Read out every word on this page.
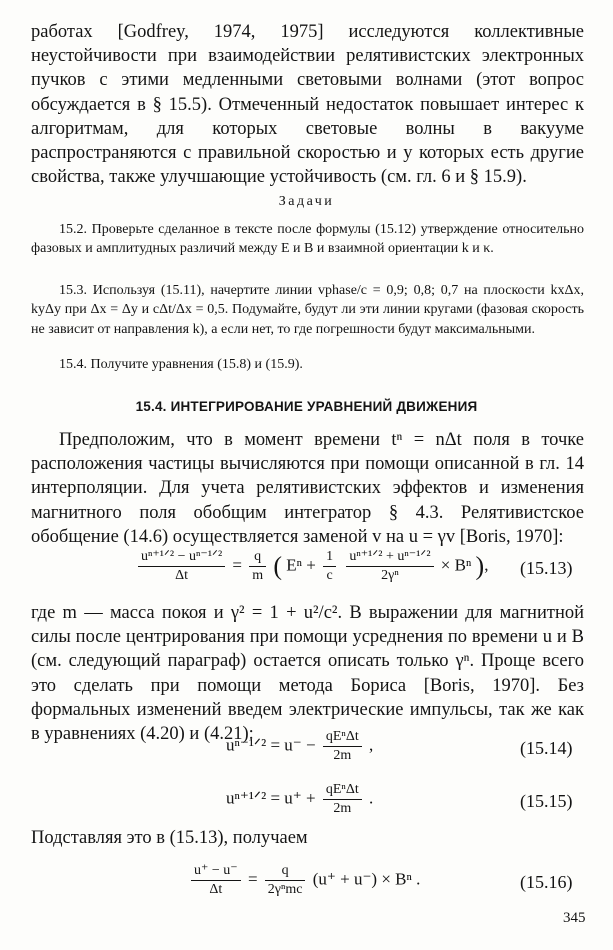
работах [Godfrey, 1974, 1975] исследуются коллективные неустойчивости при взаимодействии релятивистских электронных пучков с этими медленными световыми волнами (этот вопрос обсуждается в § 15.5). Отмеченный недостаток повышает интерес к алгоритмам, для которых световые волны в вакууме распространяются с правильной скоростью и у которых есть другие свойства, также улучшающие устойчивость (см. гл. 6 и § 15.9).

Задачи

15.2. Проверьте сделанное в тексте после формулы (15.12) утверждение относительно фазовых и амплитудных различий между E и B и взаимной ориентации k и κ.

15.3. Используя (15.11), начертите линии vphase/c = 0,9; 0,8; 0,7 на плоскости kxΔx, kyΔy при Δx = Δy и cΔt/Δx = 0,5. Подумайте, будут ли эти линии кругами (фазовая скорость не зависит от направления k), а если нет, то где погрешности будут максимальными.

15.4. Получите уравнения (15.8) и (15.9).

15.4. ИНТЕГРИРОВАНИЕ УРАВНЕНИЙ ДВИЖЕНИЯ

Предположим, что в момент времени tⁿ = nΔt поля в точке расположения частицы вычисляются при помощи описанной в гл. 14 интерполяции. Для учета релятивистских эффектов и изменения магнитного поля обобщим интегратор § 4.3. Релятивистское обобщение (14.6) осуществляется заменой v на u = γv [Boris, 1970]:

$\frac{\text{uⁿ⁺¹ᐟ² − uⁿ⁻¹ᐟ²}}{\Delta t} = \frac{q}{m}$ ( $E^n + \frac{1}{c}$
$\frac{\text{uⁿ⁺¹ᐟ² + uⁿ⁻¹ᐟ²}}{\text{2γⁿ}} \times B^n$ ), (15.13)

где m — масса покоя и γ² = 1 + u²/c². В выражении для магнитной силы после центрирования при помощи усреднения по времени u и B (см. следующий параграф) остается описать только γⁿ. Проще всего это сделать при помощи метода Бориса [Boris, 1970]. Без формальных изменений введем электрические импульсы, так же как в уравнениях (4.20) и (4.21):

uⁿ⁻¹ᐟ² = $u^- - \frac{\text{qEⁿΔt}}{2m}$ ,	(15.14)
uⁿ⁺¹ᐟ² = $u^+ + \frac{\text{qEⁿΔt}}{2m}$ .	(15.15)

Подставляя это в (15.13), получаем

$\frac{u^+ - u^-}{\Delta t} = \frac{q}{\text{2γⁿmc}} (u^+ + u^-) \times B^n$ .	(15.16)
345
